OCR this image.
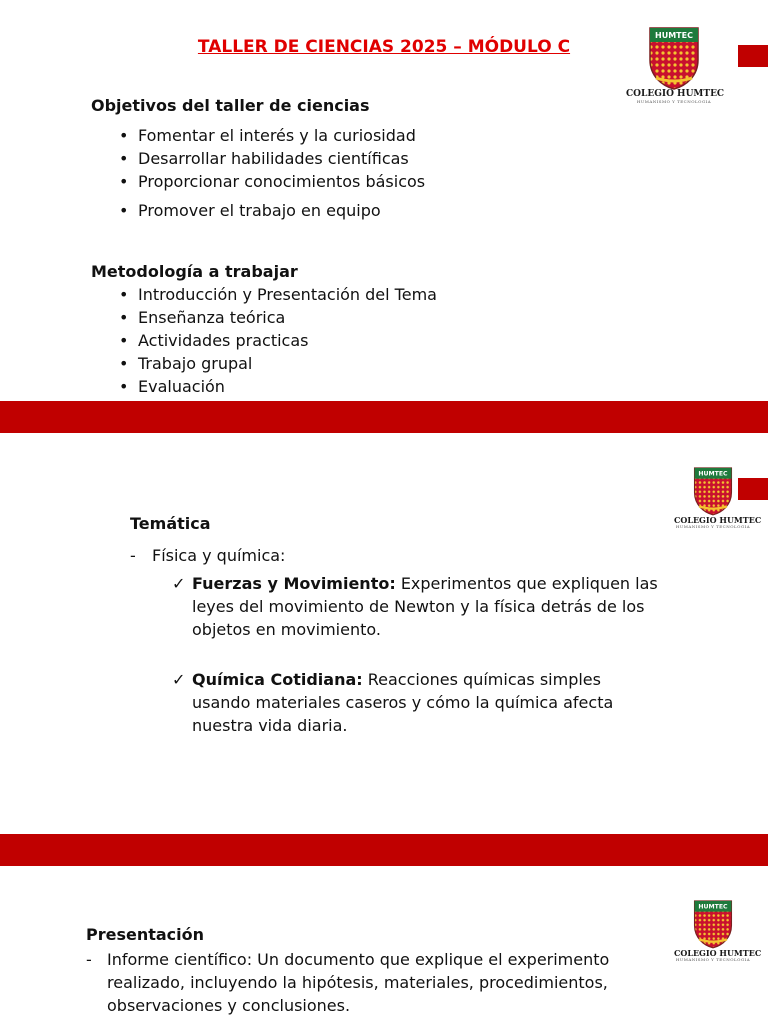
TALLER DE CIENCIAS 2025 – MÓDULO C
HUMTEC
COLEGIO HUMTEC
HUMANISMO Y TECNOLOGIA
Objetivos del taller de ciencias
• Fomentar el interés y la curiosidad
• Desarrollar habilidades científicas
• Proporcionar conocimientos básicos
• Promover el trabajo en equipo
Metodología a trabajar
• Introducción y Presentación del Tema
• Enseñanza teórica
• Actividades practicas
• Trabajo grupal
• Evaluación
HUMTEC
COLEGIO HUMTEC
HUMANISMO Y TECNOLOGIA
Temática
- Física y química:
✓ Fuerzas y Movimiento: Experimentos que expliquen las leyes del movimiento de Newton y la física detrás de los objetos en movimiento.
✓ Química Cotidiana: Reacciones químicas simples usando materiales caseros y cómo la química afecta nuestra vida diaria.
HUMTEC
COLEGIO HUMTEC
HUMANISMO Y TECNOLOGIA
Presentación
- Informe científico: Un documento que explique el experimento realizado, incluyendo la hipótesis, materiales, procedimientos, observaciones y conclusiones.
